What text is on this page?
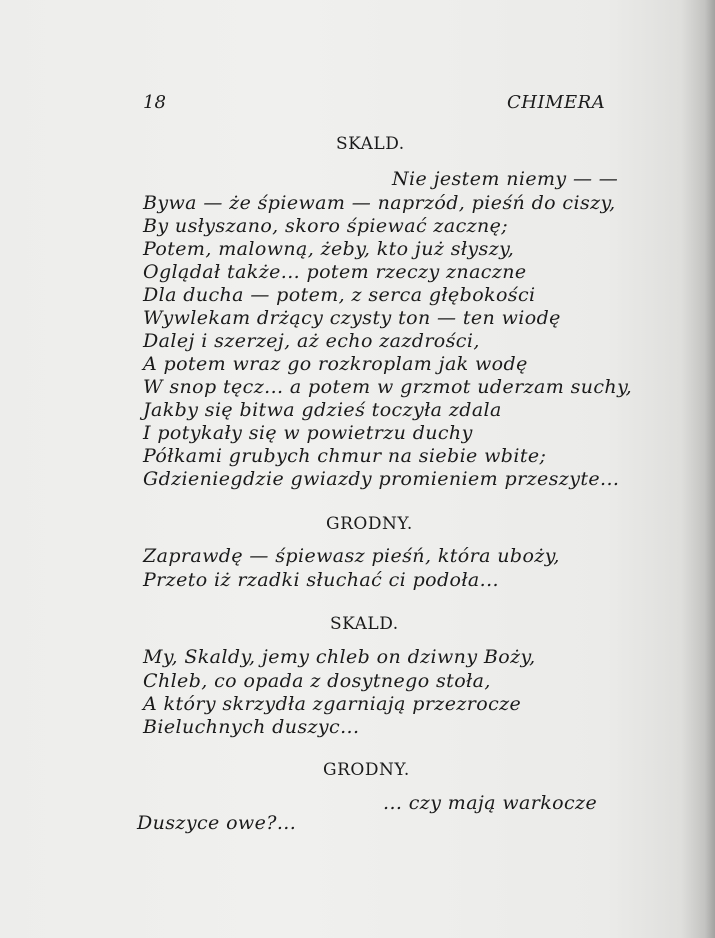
18	CHIMERA
SKALD.
Nie jestem niemy — —
Bywa — że śpiewam — naprzód, pieśń do ciszy,
By usłyszano, skoro śpiewać zacznę;
Potem, malowną, żeby, kto już słyszy,
Oglądał także... potem rzeczy znaczne
Dla ducha — potem, z serca głębokości
Wywlekam drżący czysty ton — ten wiodę
Dalej i szerzej, aż echo zazdrości,
A potem wraz go rozkroplam jak wodę
W snop tęcz... a potem w grzmot uderzam suchy,
Jakby się bitwa gdzieś toczyła zdala
I potykały się w powietrzu duchy
Półkami grubych chmur na siebie wbite;
Gdzieniegdzie gwiazdy promieniem przeszyte...
GRODNY.
Zaprawdę — śpiewasz pieśń, która uboży,
Przeto iż rzadki słuchać ci podoła...
SKALD.
My, Skaldy, jemy chleb on dziwny Boży,
Chleb, co opada z dosytnego stoła,
A który skrzydła zgarniają przezrocze
Bieluchnych duszyc...
GRODNY.
... czy mają warkocze
Duszyce owe?...
